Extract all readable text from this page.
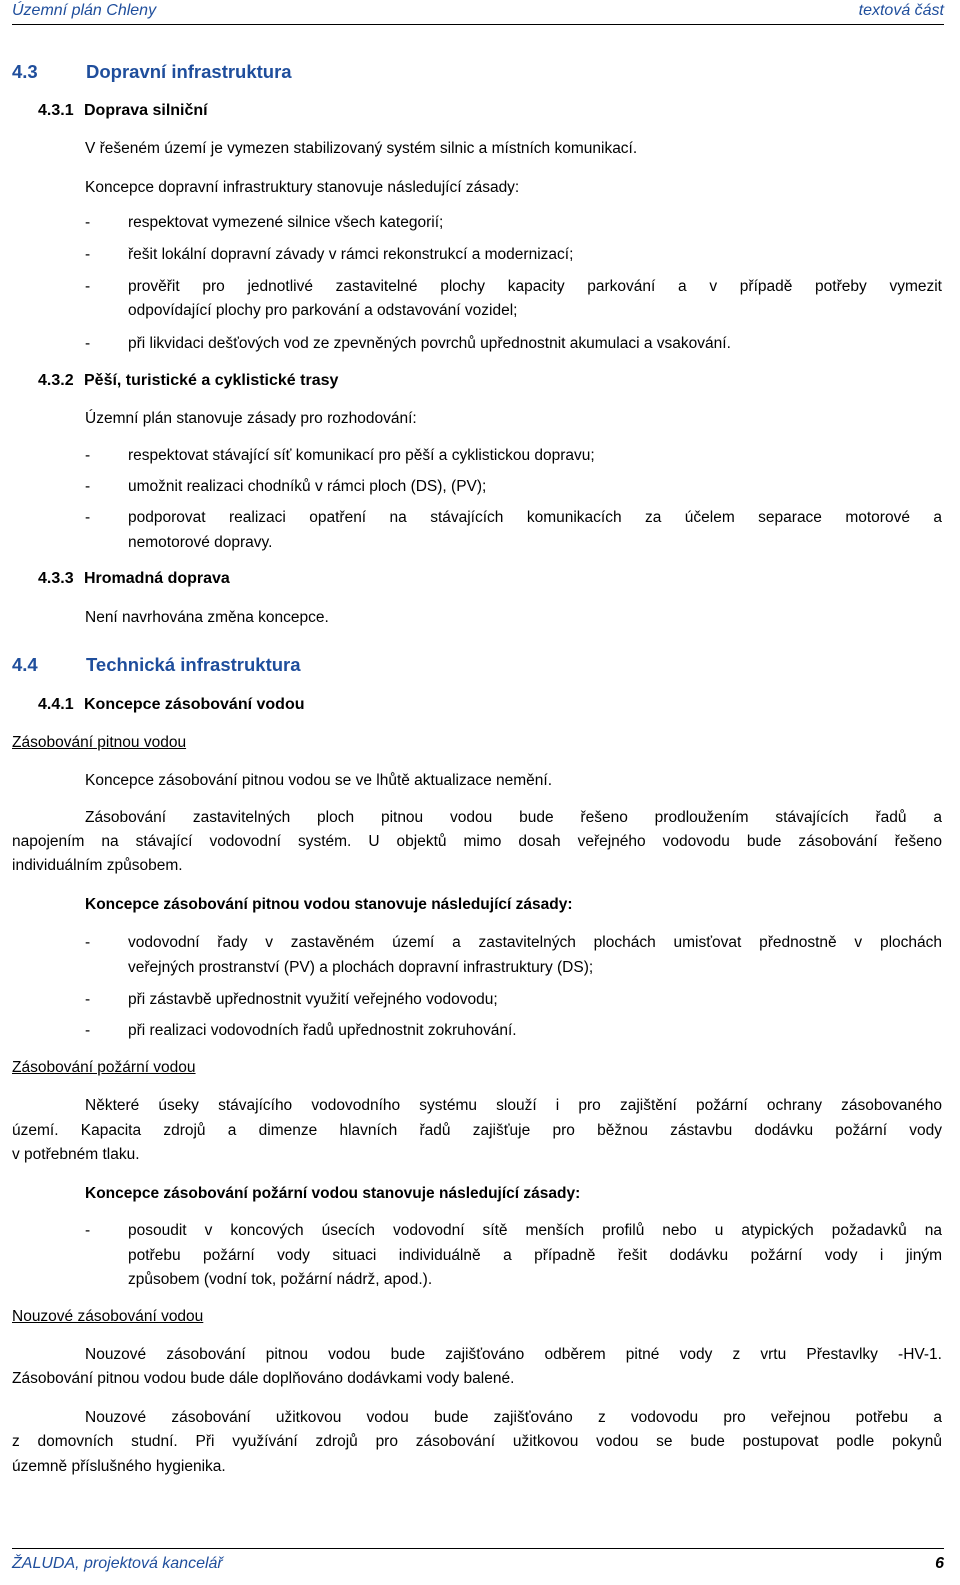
Územní plán Chleny	textová část
4.3	Dopravní infrastruktura
4.3.1 Doprava silniční
V řešeném území je vymezen stabilizovaný systém silnic a místních komunikací.
Koncepce dopravní infrastruktury stanovuje následující zásady:
- respektovat vymezené silnice všech kategorií;
- řešit lokální dopravní závady v rámci rekonstrukcí a modernizací;
- prověřit pro jednotlivé zastavitelné plochy kapacity parkování a v případě potřeby vymezit
odpovídající plochy pro parkování a odstavování vozidel;
- při likvidaci dešťových vod ze zpevněných povrchů upřednostnit akumulaci a vsakování.
4.3.2 Pěší, turistické a cyklistické trasy
Územní plán stanovuje zásady pro rozhodování:
- respektovat stávající síť komunikací pro pěší a cyklistickou dopravu;
- umožnit realizaci chodníků v rámci ploch (DS), (PV);
- podporovat realizaci opatření na stávajících komunikacích za účelem separace motorové a
nemotorové dopravy.
4.3.3 Hromadná doprava
Není navrhována změna koncepce.
4.4	Technická infrastruktura
4.4.1 Koncepce zásobování vodou
Zásobování pitnou vodou
Koncepce zásobování pitnou vodou se ve lhůtě aktualizace nemění.
Zásobování zastavitelných ploch pitnou vodou bude řešeno prodloužením stávajících řadů a
napojením na stávající vodovodní systém. U objektů mimo dosah veřejného vodovodu bude zásobování řešeno
individuálním způsobem.
Koncepce zásobování pitnou vodou stanovuje následující zásady:
- vodovodní řady v zastavěném území a zastavitelných plochách umisťovat přednostně v plochách
veřejných prostranství (PV) a plochách dopravní infrastruktury (DS);
- při zástavbě upřednostnit využití veřejného vodovodu;
- při realizaci vodovodních řadů upřednostnit zokruhování.
Zásobování požární vodou
Některé úseky stávajícího vodovodního systému slouží i pro zajištění požární ochrany zásobovaného
území. Kapacita zdrojů a dimenze hlavních řadů zajišťuje pro běžnou zástavbu dodávku požární vody
v potřebném tlaku.
Koncepce zásobování požární vodou stanovuje následující zásady:
- posoudit v koncových úsecích vodovodní sítě menších profilů nebo u atypických požadavků na
potřebu požární vody situaci individuálně a případně řešit dodávku požární vody i jiným
způsobem (vodní tok, požární nádrž, apod.).
Nouzové zásobování vodou
Nouzové zásobování pitnou vodou bude zajišťováno odběrem pitné vody z vrtu Přestavlky -HV-1.
Zásobování pitnou vodou bude dále doplňováno dodávkami vody balené.
Nouzové zásobování užitkovou vodou bude zajišťováno z vodovodu pro veřejnou potřebu a
z domovních studní. Při využívání zdrojů pro zásobování užitkovou vodou se bude postupovat podle pokynů
územně příslušného hygienika.
ŽALUDA, projektová kancelář	6
